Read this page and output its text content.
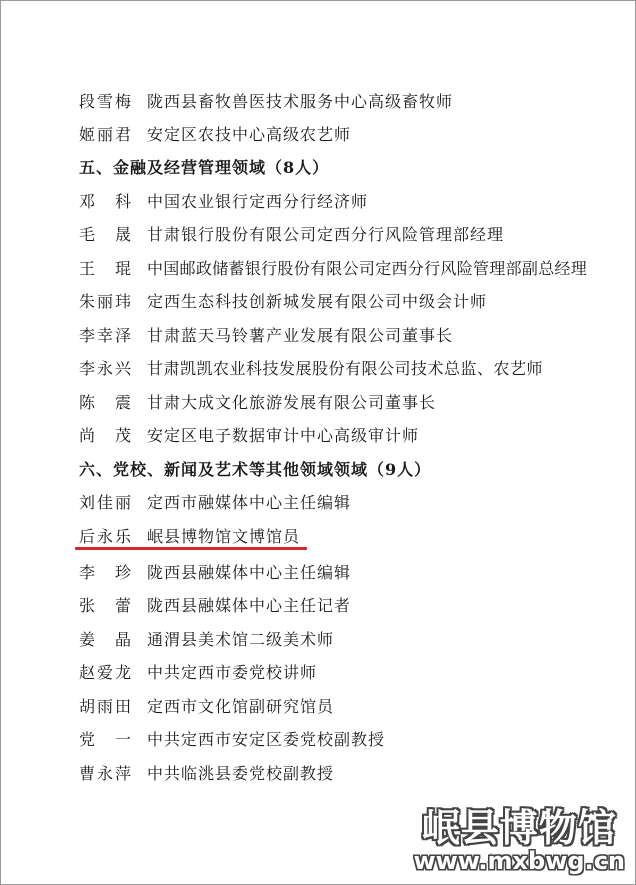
段雪梅 陇西县畜牧兽医技术服务中心高级畜牧师
姬丽君 安定区农技中心高级农艺师
五、金融及经营管理领域（8人）
邓　科 中国农业银行定西分行经济师
毛　晟 甘肃银行股份有限公司定西分行风险管理部经理
王　琨 中国邮政储蓄银行股份有限公司定西分行风险管理部副总经理
朱丽玮 定西生态科技创新城发展有限公司中级会计师
李幸泽 甘肃蓝天马铃薯产业发展有限公司董事长
李永兴 甘肃凯凯农业科技发展股份有限公司技术总监、农艺师
陈　震 甘肃大成文化旅游发展有限公司董事长
尚　茂 安定区电子数据审计中心高级审计师
六、党校、新闻及艺术等其他领域领域（9人）
刘佳丽 定西市融媒体中心主任编辑
后永乐 岷县博物馆文博馆员
李　珍 陇西县融媒体中心主任编辑
张　蕾 陇西县融媒体中心主任记者
姜　晶 通渭县美术馆二级美术师
赵爱龙 中共定西市委党校讲师
胡雨田 定西市文化馆副研究馆员
党　一 中共定西市安定区委党校副教授
曹永萍 中共临洮县委党校副教授
岷县博物馆
www.mxbwg.cn
